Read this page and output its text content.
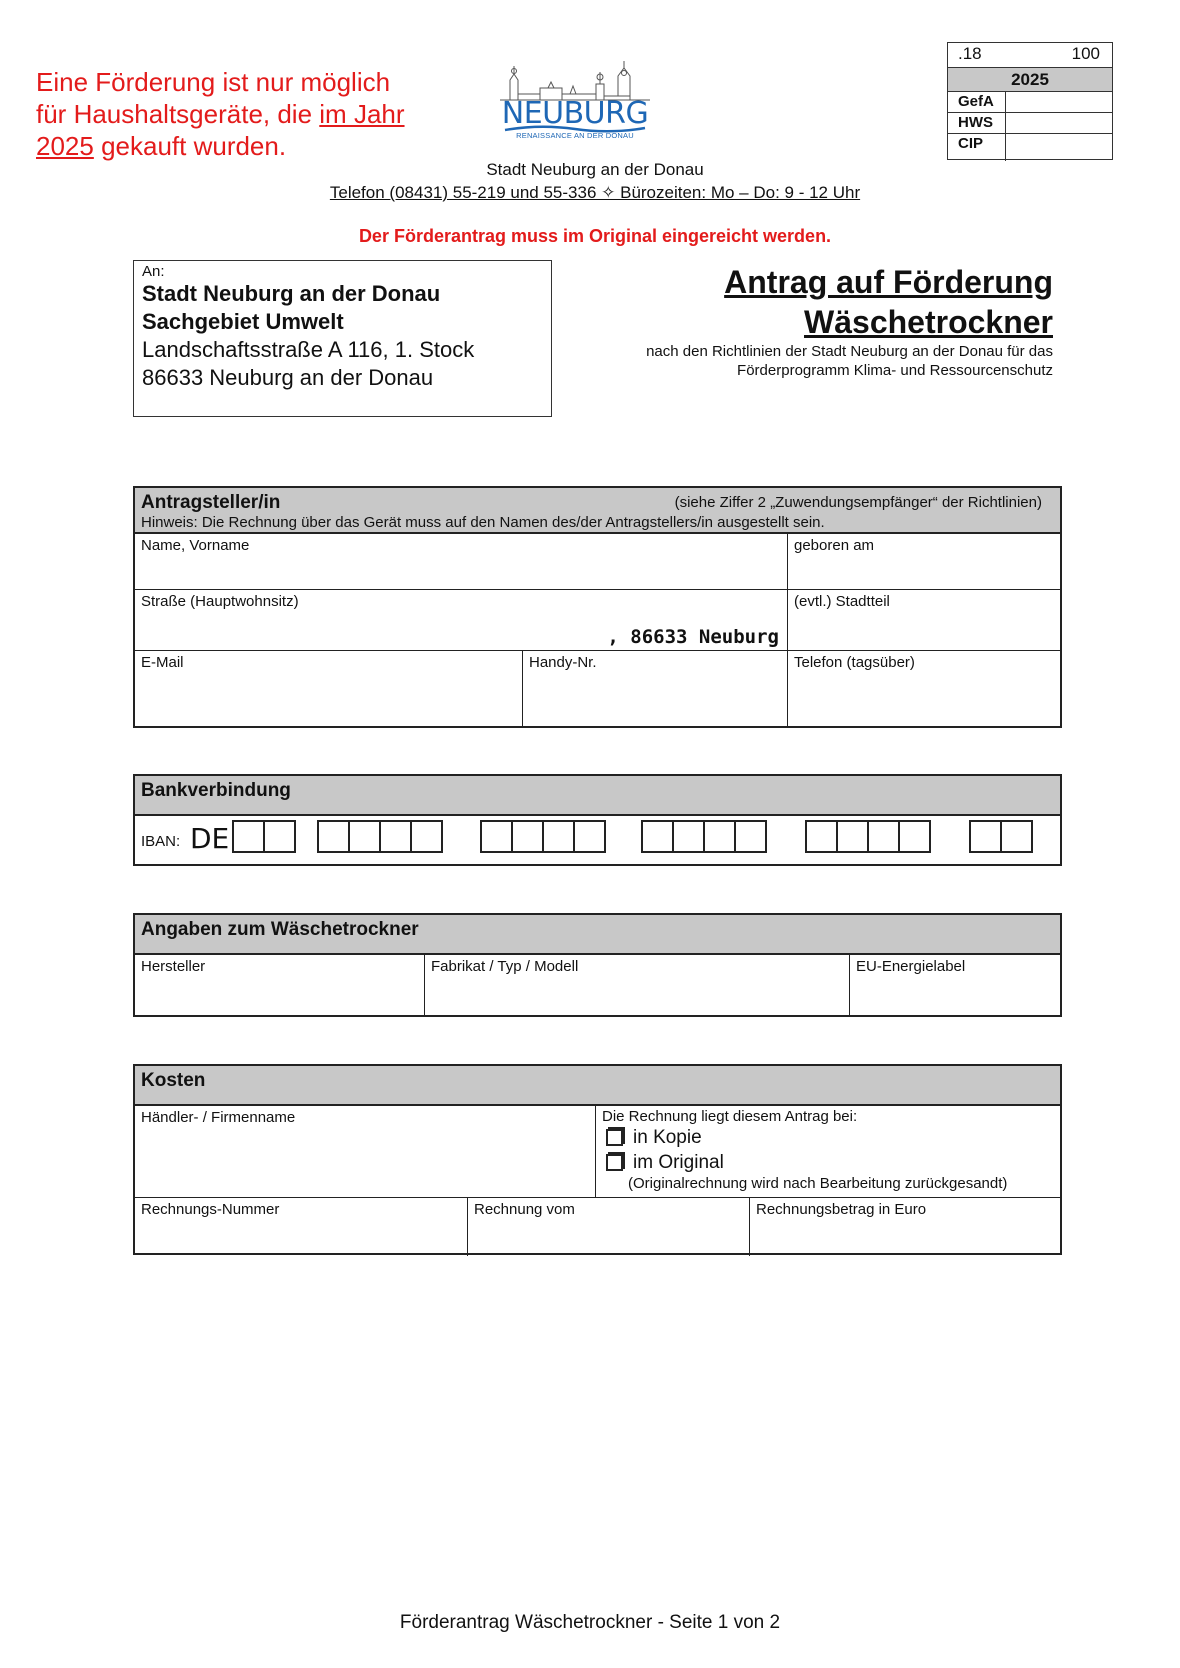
Eine Förderung ist nur möglich
für Haushaltsgeräte, die im Jahr
2025 gekauft wurden.
NEUBURG
RENAISSANCE AN DER DONAU
Stadt Neuburg an der Donau
Telefon (08431) 55-219 und 55-336 ✧ Bürozeiten: Mo – Do: 9 - 12 Uhr
Der Förderantrag muss im Original eingereicht werden.
.18	100
2025
GefA
HWS
CIP
An:
Stadt Neuburg an der Donau
Sachgebiet Umwelt
Landschaftsstraße A 116, 1. Stock
86633 Neuburg an der Donau
Antrag auf Förderung
Wäschetrockner
nach den Richtlinien der Stadt Neuburg an der Donau für das
Förderprogramm Klima- und Ressourcenschutz
Antragsteller/in	(siehe Ziffer 2 „Zuwendungsempfänger“ der Richtlinien)
Hinweis: Die Rechnung über das Gerät muss auf den Namen des/der Antragstellers/in ausgestellt sein.
Name, Vorname	geboren am
Straße (Hauptwohnsitz)
, 86633 Neuburg
(evtl.) Stadtteil
E-Mail	Handy-Nr.	Telefon (tagsüber)
Bankverbindung
IBAN: DE
Angaben zum Wäschetrockner
Hersteller	Fabrikat / Typ / Modell	EU-Energielabel
Kosten
Händler- / Firmenname	Die Rechnung liegt diesem Antrag bei:
in Kopie
im Original
(Originalrechnung wird nach Bearbeitung zurückgesandt)
Rechnungs-Nummer	Rechnung vom	Rechnungsbetrag in Euro
Förderantrag Wäschetrockner - Seite 1 von 2
